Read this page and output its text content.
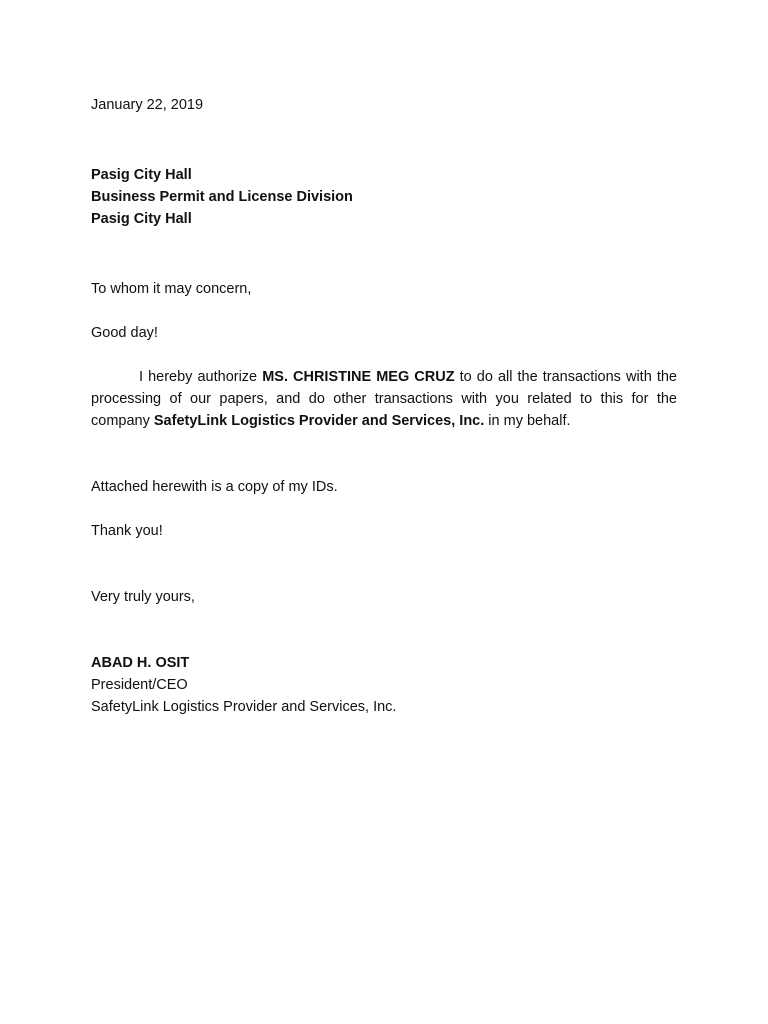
January 22, 2019
Pasig City Hall
Business Permit and License Division
Pasig City Hall
To whom it may concern,
Good day!

I hereby authorize MS. CHRISTINE MEG CRUZ to do all the transactions with the processing of our papers, and do other transactions with you related to this for the company SafetyLink Logistics Provider and Services, Inc. in my behalf.

Attached herewith is a copy of my IDs.
Thank you!
Very truly yours,
ABAD H. OSIT
President/CEO
SafetyLink Logistics Provider and Services, Inc.
